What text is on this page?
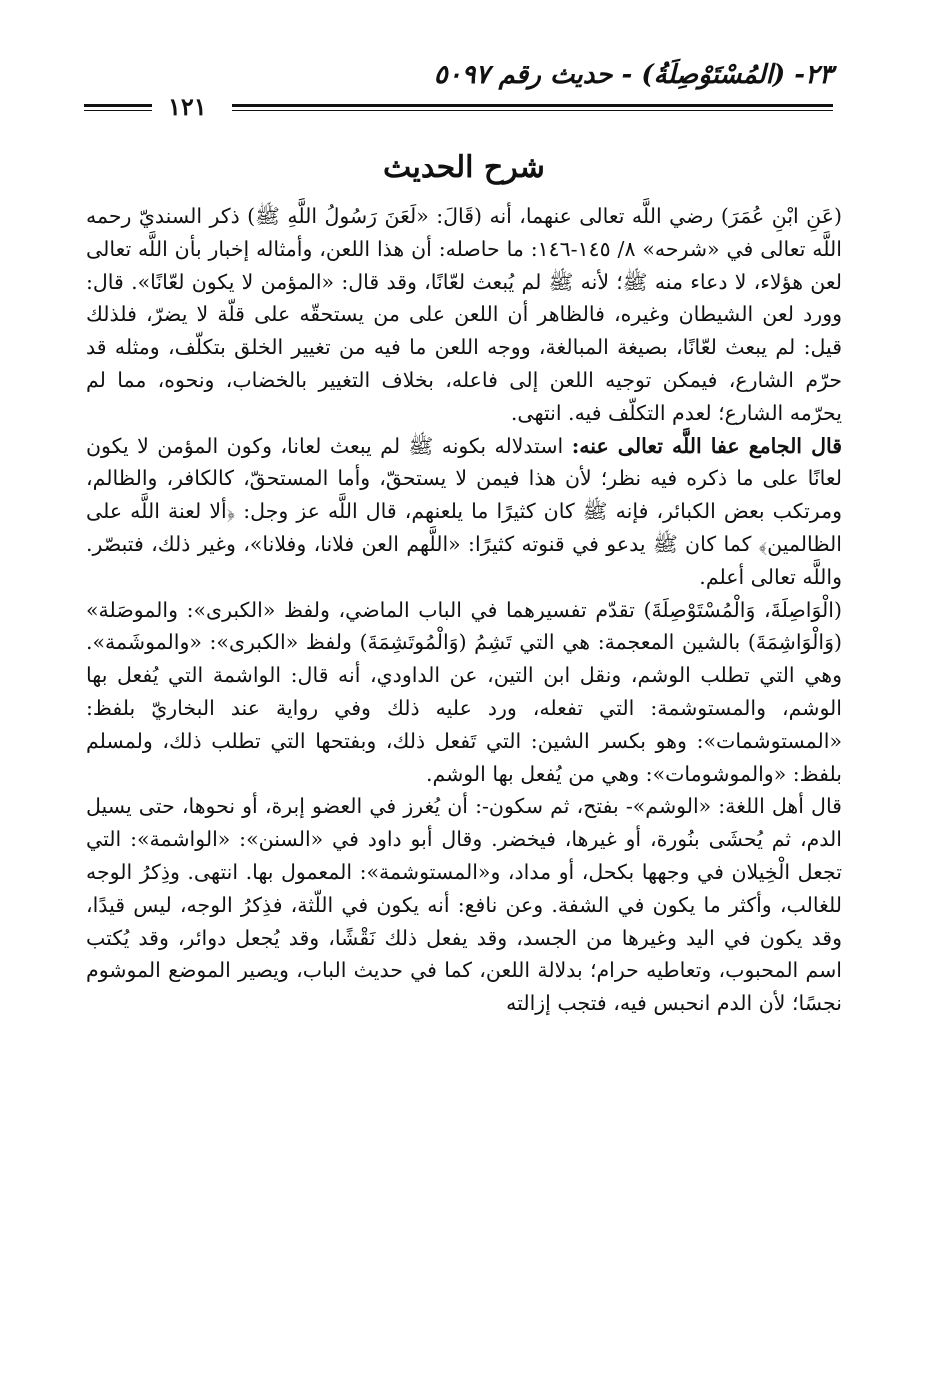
٢٣- (المُسْتَوْصِلَةُ) - حديث رقم ٥٠٩٧
١٢١
شرح الحديث

(عَنِ ابْنِ عُمَرَ) رضي اللَّه تعالى عنهما، أنه (قَالَ: «لَعَنَ رَسُولُ اللَّهِ ﷺ) ذكر السنديّ رحمه اللَّه تعالى في «شرحه» ٨/ ١٤٥-١٤٦: ما حاصله: أن هذا اللعن، وأمثاله إخبار بأن اللَّه تعالى لعن هؤلاء، لا دعاء منه ﷺ؛ لأنه ﷺ لم يُبعث لعّانًا، وقد قال: «المؤمن لا يكون لعّانًا». قال: وورد لعن الشيطان وغيره، فالظاهر أن اللعن على من يستحقّه على قلّة لا يضرّ، فلذلك قيل: لم يبعث لعّانًا، بصيغة المبالغة، ووجه اللعن ما فيه من تغيير الخلق بتكلّف، ومثله قد حرّم الشارع، فيمكن توجيه اللعن إلى فاعله، بخلاف التغيير بالخضاب، ونحوه، مما لم يحرّمه الشارع؛ لعدم التكلّف فيه. انتهى.

قال الجامع عفا اللَّه تعالى عنه: استدلاله بكونه ﷺ لم يبعث لعانا، وكون المؤمن لا يكون لعانًا على ما ذكره فيه نظر؛ لأن هذا فيمن لا يستحقّ، وأما المستحقّ، كالكافر، والظالم، ومرتكب بعض الكبائر، فإنه ﷺ كان كثيرًا ما يلعنهم، قال اللَّه عز وجل: ﴿ألا لعنة اللَّه على الظالمين﴾ كما كان ﷺ يدعو في قنوته كثيرًا: «اللَّهم العن فلانا، وفلانا»، وغير ذلك، فتبصّر. واللَّه تعالى أعلم.

(الْوَاصِلَةَ، وَالْمُسْتَوْصِلَةَ) تقدّم تفسيرهما في الباب الماضي، ولفظ «الكبرى»: والموصَلة» (وَالْوَاشِمَةَ) بالشين المعجمة: هي التي تَشِمُ (وَالْمُوتَشِمَةَ) ولفظ «الكبرى»: «والموشَمة». وهي التي تطلب الوشم، ونقل ابن التين، عن الداودي، أنه قال: الواشمة التي يُفعل بها الوشم، والمستوشمة: التي تفعله، ورد عليه ذلك وفي رواية عند البخاريّ بلفظ: «المستوشمات»: وهو بكسر الشين: التي تَفعل ذلك، وبفتحها التي تطلب ذلك، ولمسلم بلفظ: «والموشومات»: وهي من يُفعل بها الوشم.

قال أهل اللغة: «الوشم»- بفتح، ثم سكون-: أن يُغرز في العضو إبرة، أو نحوها، حتى يسيل الدم، ثم يُحشَى بنُورة، أو غيرها، فيخضر. وقال أبو داود في «السنن»: «الواشمة»: التي تجعل الْخِيلان في وجهها بكحل، أو مداد، و«المستوشمة»: المعمول بها. انتهى. وذِكرُ الوجه للغالب، وأكثر ما يكون في الشفة. وعن نافع: أنه يكون في اللّثة، فذِكرُ الوجه، ليس قيدًا، وقد يكون في اليد وغيرها من الجسد، وقد يفعل ذلك نَقْشًا، وقد يُجعل دوائر، وقد يُكتب اسم المحبوب، وتعاطيه حرام؛ بدلالة اللعن، كما في حديث الباب، ويصير الموضع الموشوم نجسًا؛ لأن الدم انحبس فيه، فتجب إزالته
